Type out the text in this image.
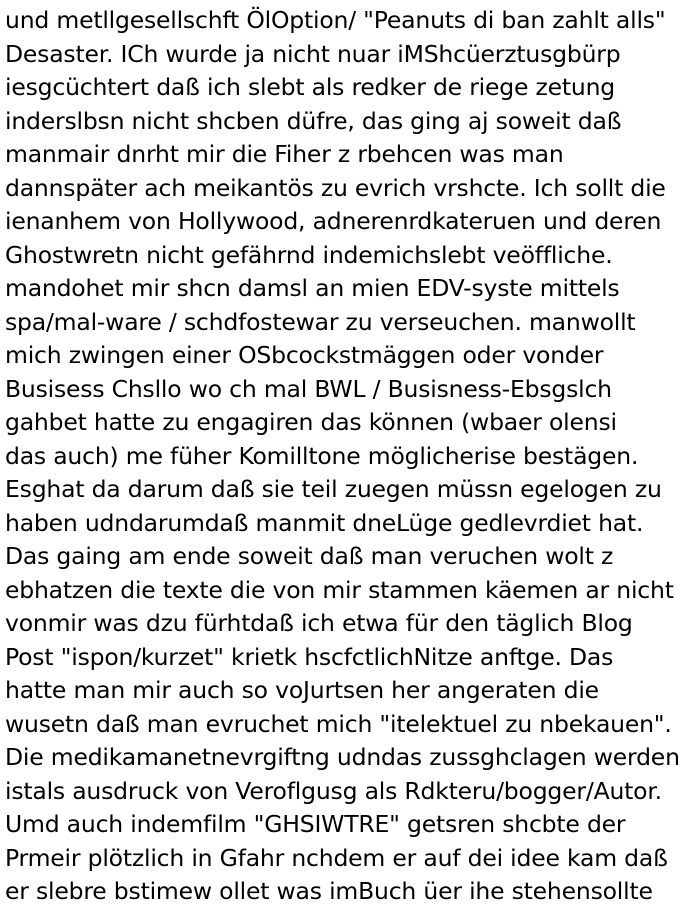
und metllgesellschft ÖlOption/ "Peanuts di ban zahlt alls"
Desaster. ICh wurde ja nicht nuar iMShcüerztusgbürp
iesgcüchtert daß ich slebt als redker de riege zetung
inderslbsn nicht shcben düfre, das ging aj soweit daß
manmair dnrht mir die Fiher z rbehcen was man
dannspäter ach meikantös zu evrich vrshcte. Ich sollt die
ienanhem von Hollywood, adnerenrdkateruen und deren
Ghostwretn nicht gefährnd indemichslebt veöffliche.
mandohet mir shcn damsl an mien EDV-syste mittels
spa/mal-ware / schdfostewar zu verseuchen. manwollt
mich zwingen einer OSbcockstmäggen oder vonder
Busisess Chsllo wo ch mal BWL / Busisness-Ebsgslch
gahbet hatte zu engagiren das können (wbaer olensi
das auch) me füher Komilltone möglicherise bestägen.
Esghat da darum daß sie teil zuegen müssn egelogen zu
haben udndarumdaß manmit dneLüge gedlevrdiet hat.
Das gaing am ende soweit daß man veruchen wolt z
ebhatzen die texte die von mir stammen käemen ar nicht
vonmir was dzu fürhtdaß ich etwa für den täglich Blog
Post "ispon/kurzet" krietk hscfctlichNitze anftge. Das
hatte man mir auch so voJurtsen her angeraten die
wusetn daß man evruchet mich "itelektuel zu nbekauen".
Die medikamanetnevrgiftng udndas zussghclagen werden
istals ausdruck von Veroflgusg als Rdkteru/bogger/Autor.
Umd auch indemfilm "GHSIWTRE" getsren shcbte der
Prmeir plötzlich in Gfahr nchdem er auf dei idee kam daß
er slebre bstimew ollet was imBuch üer ihe stehensollte
